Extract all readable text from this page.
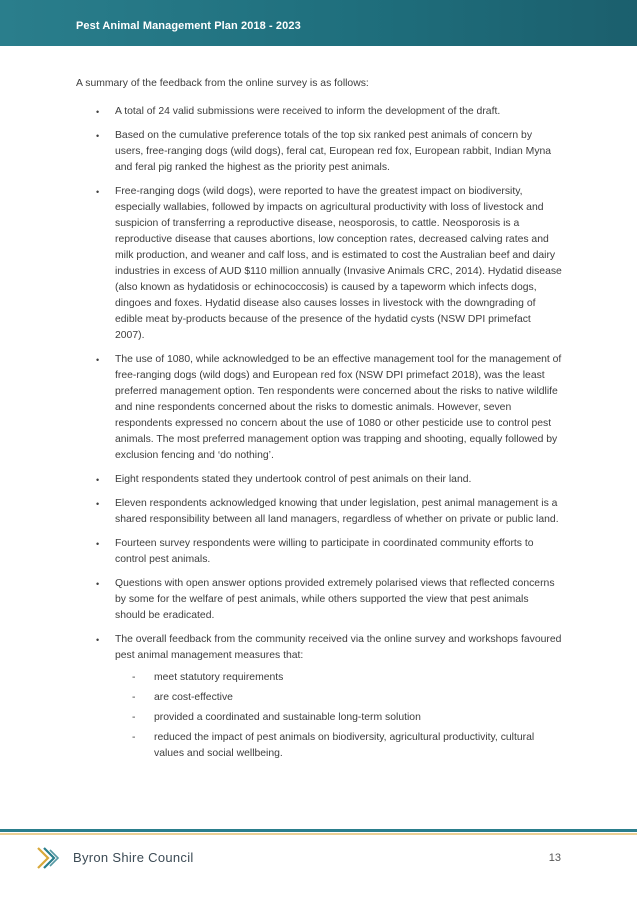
Pest Animal Management Plan 2018 - 2023

A summary of the feedback from the online survey is as follows:

• A total of 24 valid submissions were received to inform the development of the draft.
• Based on the cumulative preference totals of the top six ranked pest animals of concern by users, free-ranging dogs (wild dogs), feral cat, European red fox, European rabbit, Indian Myna and feral pig ranked the highest as the priority pest animals.
• Free-ranging dogs (wild dogs), were reported to have the greatest impact on biodiversity, especially wallabies, followed by impacts on agricultural productivity with loss of livestock and suspicion of transferring a reproductive disease, neosporosis, to cattle. Neosporosis is a reproductive disease that causes abortions, low conception rates, decreased calving rates and milk production, and weaner and calf loss, and is estimated to cost the Australian beef and dairy industries in excess of AUD $110 million annually (Invasive Animals CRC, 2014). Hydatid disease (also known as hydatidosis or echinococcosis) is caused by a tapeworm which infects dogs, dingoes and foxes. Hydatid disease also causes losses in livestock with the downgrading of edible meat by-products because of the presence of the hydatid cysts (NSW DPI primefact 2007).
• The use of 1080, while acknowledged to be an effective management tool for the management of free-ranging dogs (wild dogs) and European red fox (NSW DPI primefact 2018), was the least preferred management option. Ten respondents were concerned about the risks to native wildlife and nine respondents concerned about the risks to domestic animals. However, seven respondents expressed no concern about the use of 1080 or other pesticide use to control pest animals. The most preferred management option was trapping and shooting, equally followed by exclusion fencing and ‘do nothing’.
• Eight respondents stated they undertook control of pest animals on their land.
• Eleven respondents acknowledged knowing that under legislation, pest animal management is a shared responsibility between all land managers, regardless of whether on private or public land.
• Fourteen survey respondents were willing to participate in coordinated community efforts to control pest animals.
• Questions with open answer options provided extremely polarised views that reflected concerns by some for the welfare of pest animals, while others supported the view that pest animals should be eradicated.
• The overall feedback from the community received via the online survey and workshops favoured pest animal management measures that:
- meet statutory requirements
- are cost-effective
- provided a coordinated and sustainable long-term solution
- reduced the impact of pest animals on biodiversity, agricultural productivity, cultural values and social wellbeing.
Byron Shire Council	13
